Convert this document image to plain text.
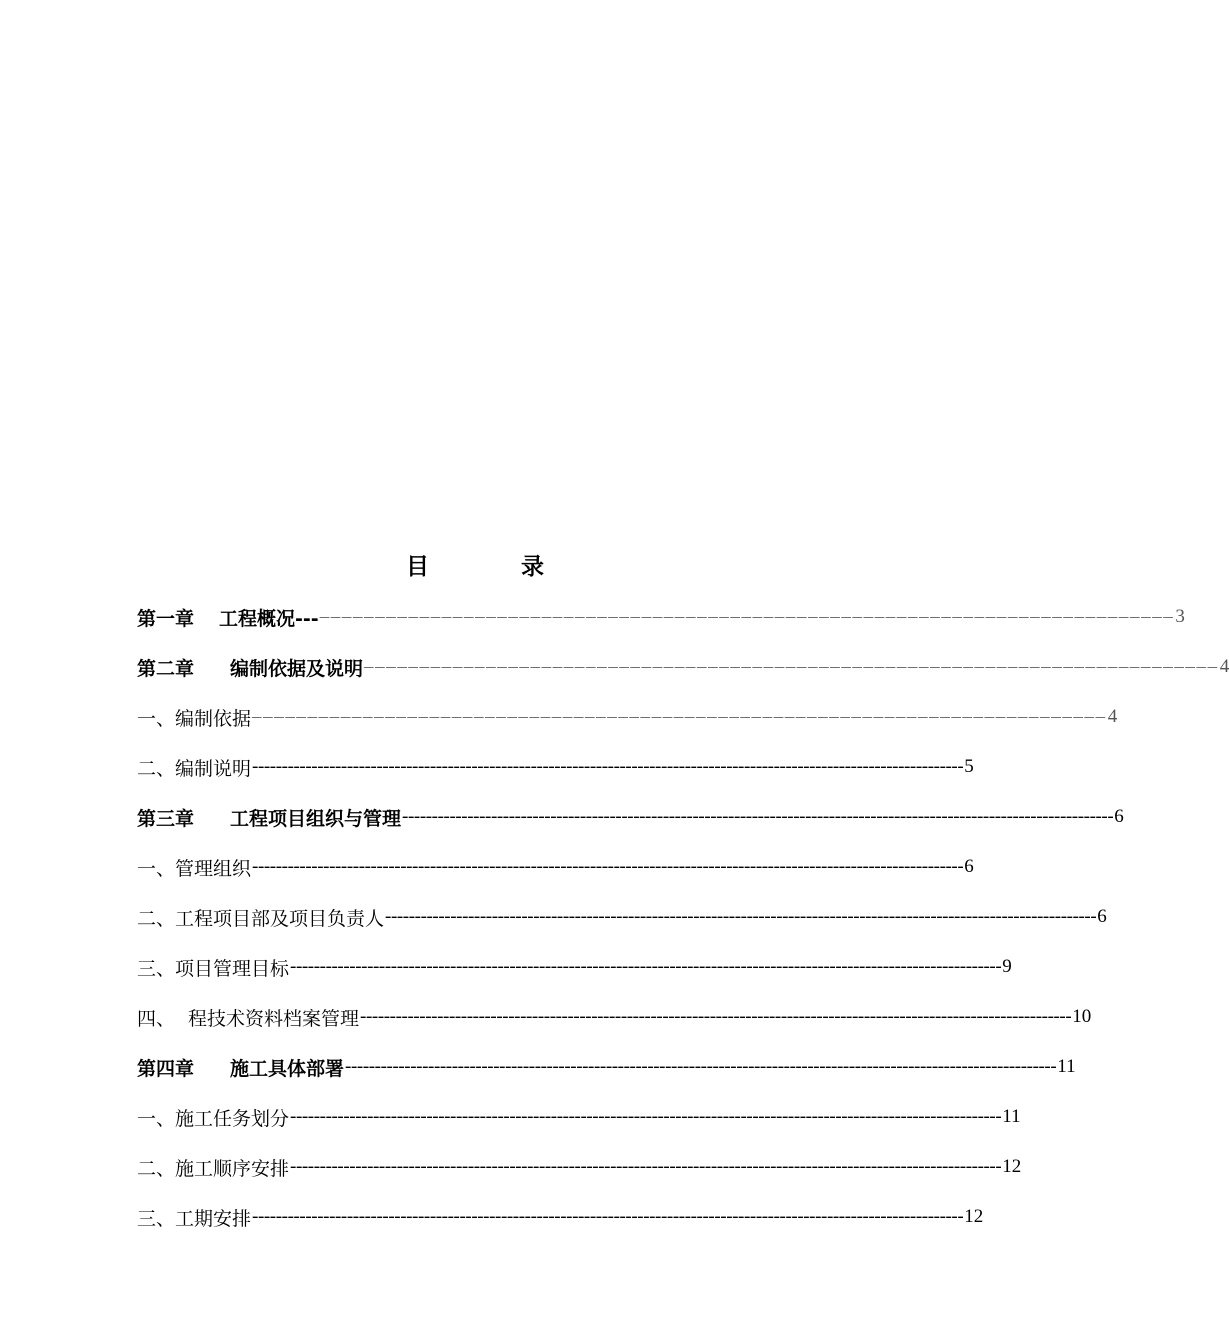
目	录
第一章 工程概况--- ––––––––––––––––––––––––––––––––––––––––––––––––––––––––––––––––––––––––––––– 3
第二章 编制依据及说明 ––––––––––––––––––––––––––––––––––––––––––––––––––––––––––––––––––––––––––––– 4
一、编制依据 ––––––––––––––––––––––––––––––––––––––––––––––––––––––––––––––––––––––––––––– 4
二、编制说明 ------------------------------------------------------------------------------------------------------------------------ 5
第三章 工程项目组织与管理 ------------------------------------------------------------------------------------------------------------------------ 6
一、管理组织 ------------------------------------------------------------------------------------------------------------------------ 6
二、工程项目部及项目负责人 ------------------------------------------------------------------------------------------------------------------------ 6
三、项目管理目标 ------------------------------------------------------------------------------------------------------------------------ 9
四、 程技术资料档案管理 ------------------------------------------------------------------------------------------------------------------------ 10
第四章 施工具体部署 ------------------------------------------------------------------------------------------------------------------------ 11
一、施工任务划分 ------------------------------------------------------------------------------------------------------------------------ 11
二、施工顺序安排 ------------------------------------------------------------------------------------------------------------------------ 12
三、工期安排 ------------------------------------------------------------------------------------------------------------------------ 12
